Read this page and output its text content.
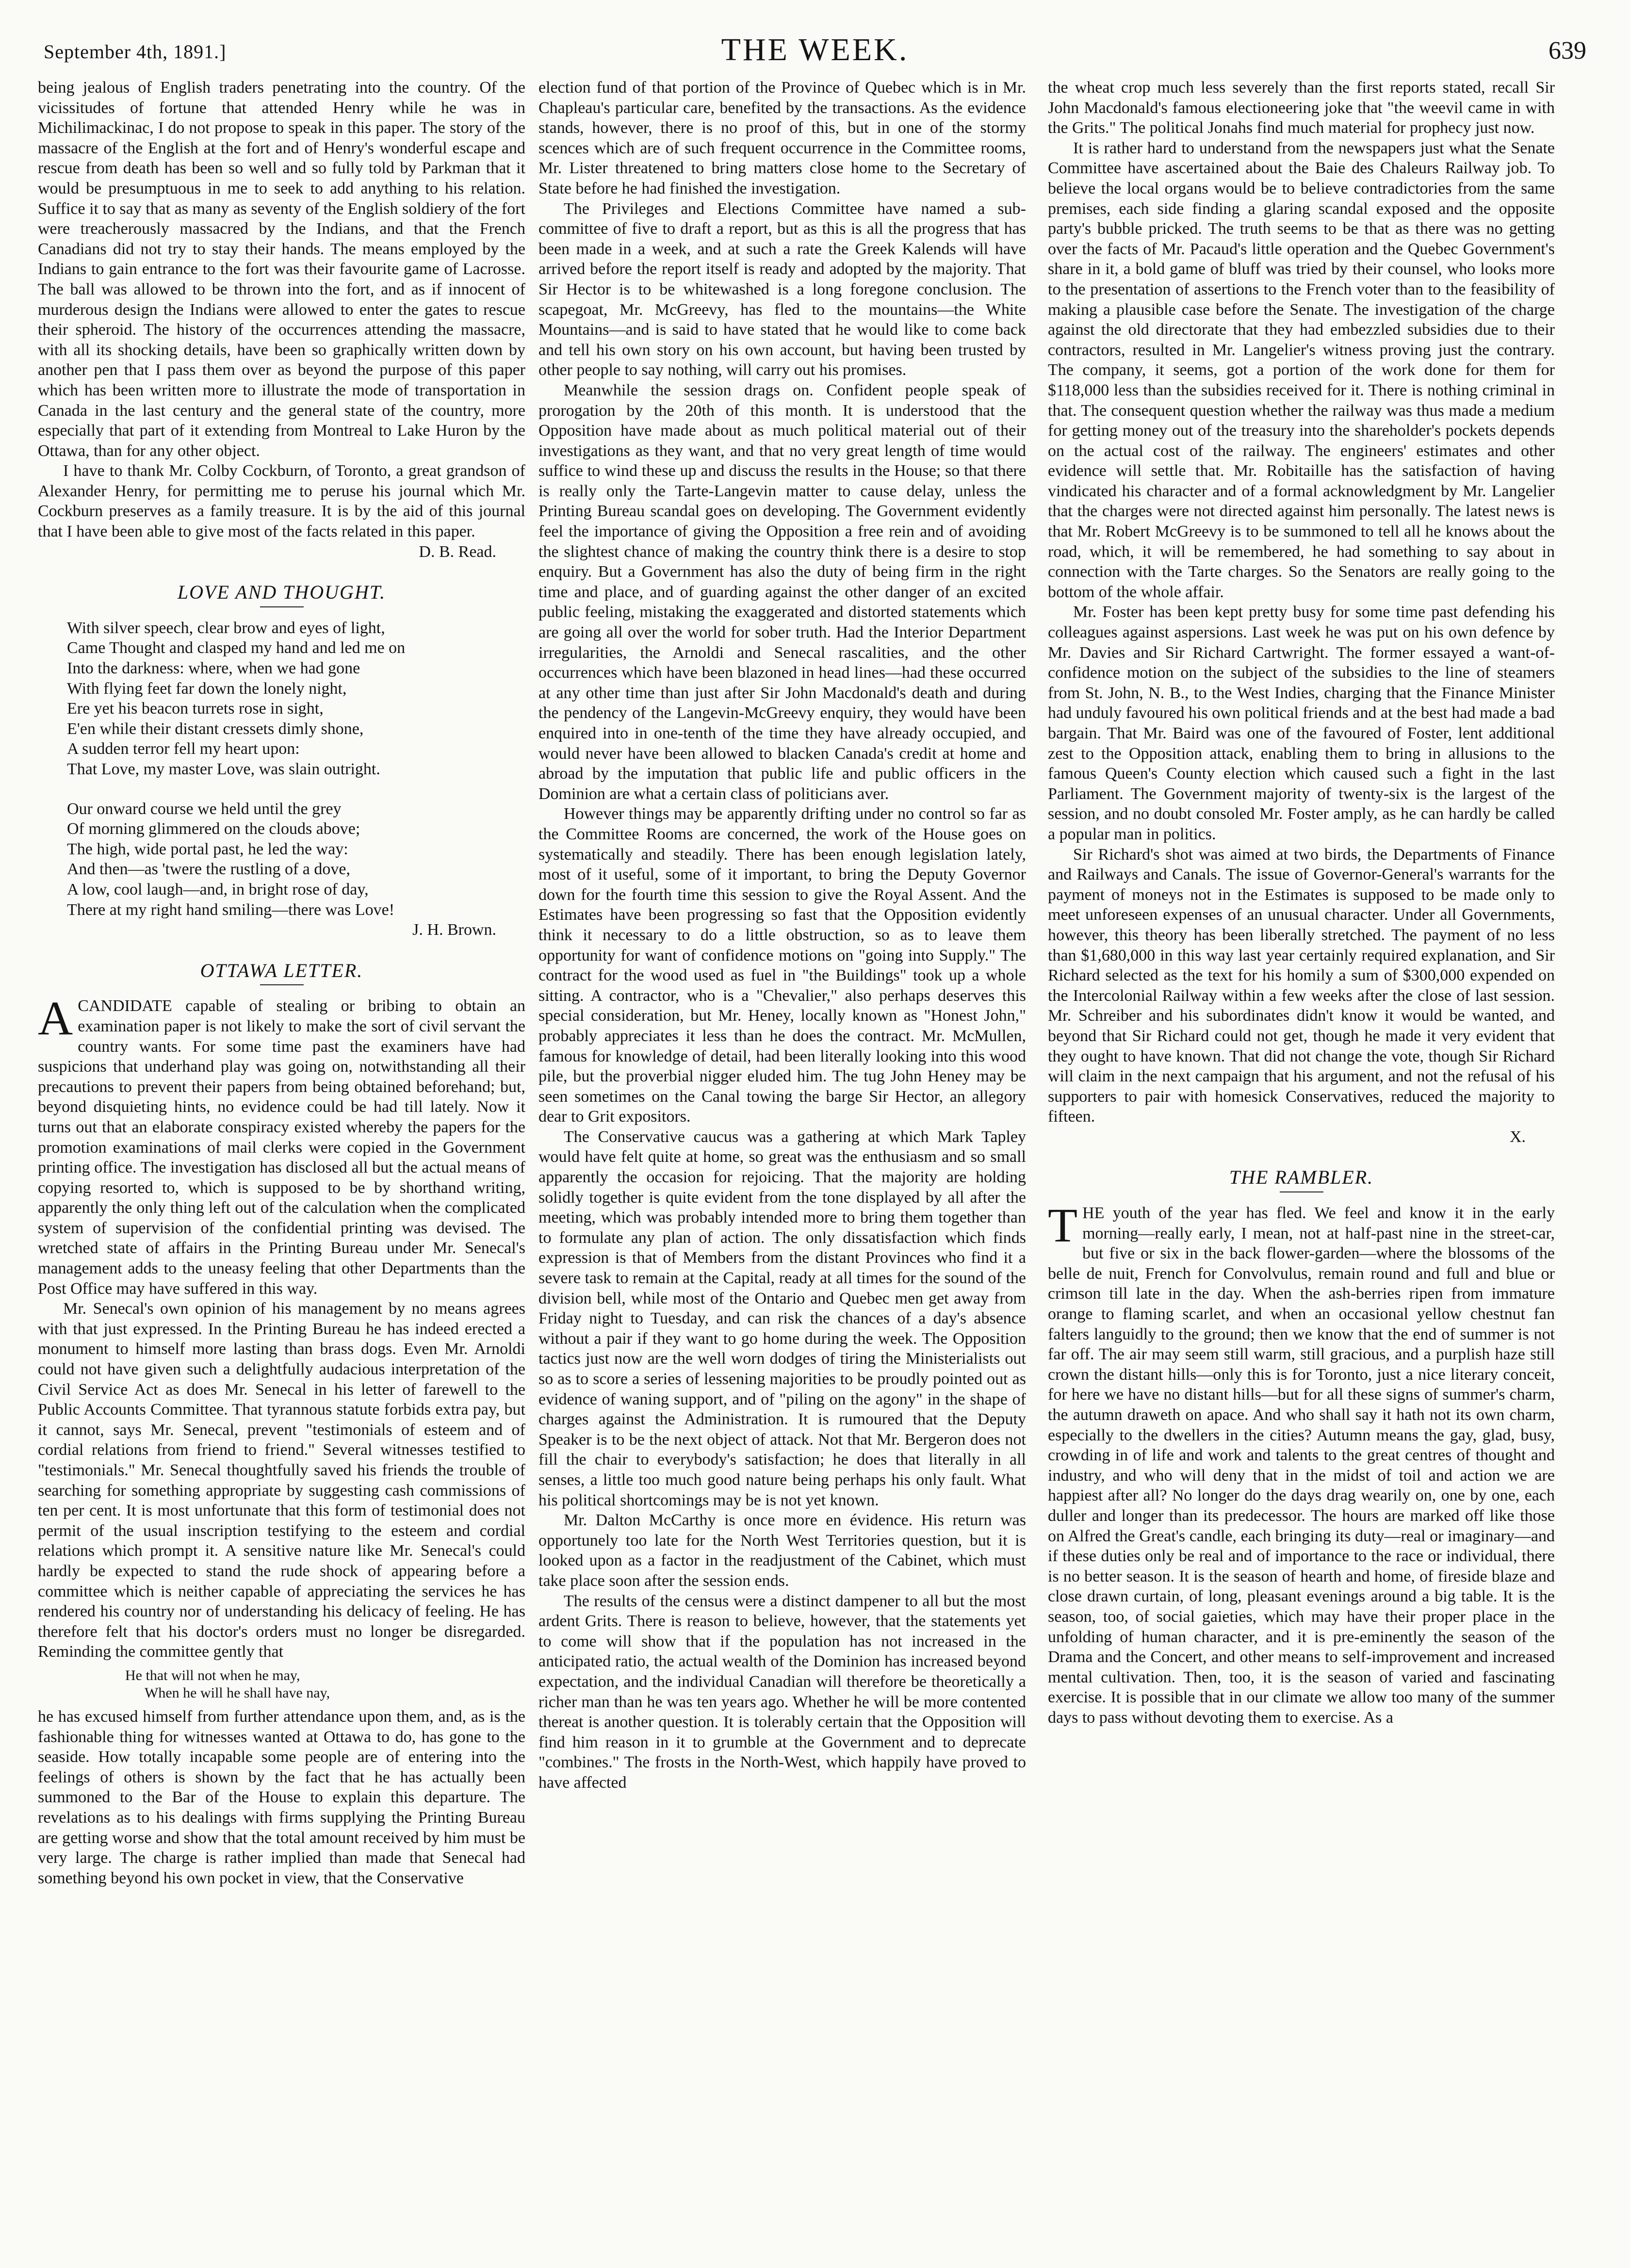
September 4th, 1891.]	THE WEEK.	639

being jealous of English traders penetrating into the country. Of the vicissitudes of fortune that attended Henry while he was in Michilimackinac, I do not propose to speak in this paper. The story of the massacre of the English at the fort and of Henry's wonderful escape and rescue from death has been so well and so fully told by Parkman that it would be presumptuous in me to seek to add anything to his relation. Suffice it to say that as many as seventy of the English soldiery of the fort were treacherously massacred by the Indians, and that the French Canadians did not try to stay their hands. The means employed by the Indians to gain entrance to the fort was their favourite game of Lacrosse. The ball was allowed to be thrown into the fort, and as if innocent of murderous design the Indians were allowed to enter the gates to rescue their spheroid. The history of the occurrences attending the massacre, with all its shocking details, have been so graphically written down by another pen that I pass them over as beyond the purpose of this paper which has been written more to illustrate the mode of transportation in Canada in the last century and the general state of the country, more especially that part of it extending from Montreal to Lake Huron by the Ottawa, than for any other object.

I have to thank Mr. Colby Cockburn, of Toronto, a great grandson of Alexander Henry, for permitting me to peruse his journal which Mr. Cockburn preserves as a family treasure. It is by the aid of this journal that I have been able to give most of the facts related in this paper.

D. B. Read.

LOVE AND THOUGHT.
With silver speech, clear brow and eyes of light,
Came Thought and clasped my hand and led me on
Into the darkness: where, when we had gone
With flying feet far down the lonely night,
Ere yet his beacon turrets rose in sight,
E'en while their distant cressets dimly shone,
A sudden terror fell my heart upon:
That Love, my master Love, was slain outright.
Our onward course we held until the grey
Of morning glimmered on the clouds above;
The high, wide portal past, he led the way:
And then—as 'twere the rustling of a dove,
A low, cool laugh—and, in bright rose of day,
There at my right hand smiling—there was Love!

J. H. Brown.

OTTAWA LETTER.

ACANDIDATE capable of stealing or bribing to obtain an examination paper is not likely to make the sort of civil servant the country wants. For some time past the examiners have had suspicions that underhand play was going on, notwithstanding all their precautions to prevent their papers from being obtained beforehand; but, beyond disquieting hints, no evidence could be had till lately. Now it turns out that an elaborate conspiracy existed whereby the papers for the promotion examinations of mail clerks were copied in the Government printing office. The investigation has disclosed all but the actual means of copying resorted to, which is supposed to be by shorthand writing, apparently the only thing left out of the calculation when the complicated system of supervision of the confidential printing was devised. The wretched state of affairs in the Printing Bureau under Mr. Senecal's management adds to the uneasy feeling that other Departments than the Post Office may have suffered in this way.

Mr. Senecal's own opinion of his management by no means agrees with that just expressed. In the Printing Bureau he has indeed erected a monument to himself more lasting than brass dogs. Even Mr. Arnoldi could not have given such a delightfully audacious interpretation of the Civil Service Act as does Mr. Senecal in his letter of farewell to the Public Accounts Committee. That tyrannous statute forbids extra pay, but it cannot, says Mr. Senecal, prevent "testimonials of esteem and of cordial relations from friend to friend." Several witnesses testified to "testimonials." Mr. Senecal thoughtfully saved his friends the trouble of searching for something appropriate by suggesting cash commissions of ten per cent. It is most unfortunate that this form of testimonial does not permit of the usual inscription testifying to the esteem and cordial relations which prompt it. A sensitive nature like Mr. Senecal's could hardly be expected to stand the rude shock of appearing before a committee which is neither capable of appreciating the services he has rendered his country nor of understanding his delicacy of feeling. He has therefore felt that his doctor's orders must no longer be disregarded. Reminding the committee gently that

He that will not when he may,
When he will he shall have nay,

he has excused himself from further attendance upon them, and, as is the fashionable thing for witnesses wanted at Ottawa to do, has gone to the seaside. How totally incapable some people are of entering into the feelings of others is shown by the fact that he has actually been summoned to the Bar of the House to explain this departure. The revelations as to his dealings with firms supplying the Printing Bureau are getting worse and show that the total amount received by him must be very large. The charge is rather implied than made that Senecal had something beyond his own pocket in view, that the Conservative

election fund of that portion of the Province of Quebec which is in Mr. Chapleau's particular care, benefited by the transactions. As the evidence stands, however, there is no proof of this, but in one of the stormy scences which are of such frequent occurrence in the Committee rooms, Mr. Lister threatened to bring matters close home to the Secretary of State before he had finished the investigation.

The Privileges and Elections Committee have named a sub-committee of five to draft a report, but as this is all the progress that has been made in a week, and at such a rate the Greek Kalends will have arrived before the report itself is ready and adopted by the majority. That Sir Hector is to be whitewashed is a long foregone conclusion. The scapegoat, Mr. McGreevy, has fled to the mountains—the White Mountains—and is said to have stated that he would like to come back and tell his own story on his own account, but having been trusted by other people to say nothing, will carry out his promises.

Meanwhile the session drags on. Confident people speak of prorogation by the 20th of this month. It is understood that the Opposition have made about as much political material out of their investigations as they want, and that no very great length of time would suffice to wind these up and discuss the results in the House; so that there is really only the Tarte-Langevin matter to cause delay, unless the Printing Bureau scandal goes on developing. The Government evidently feel the importance of giving the Opposition a free rein and of avoiding the slightest chance of making the country think there is a desire to stop enquiry. But a Government has also the duty of being firm in the right time and place, and of guarding against the other danger of an excited public feeling, mistaking the exaggerated and distorted statements which are going all over the world for sober truth. Had the Interior Department irregularities, the Arnoldi and Senecal rascalities, and the other occurrences which have been blazoned in head lines—had these occurred at any other time than just after Sir John Macdonald's death and during the pendency of the Langevin-McGreevy enquiry, they would have been enquired into in one-tenth of the time they have already occupied, and would never have been allowed to blacken Canada's credit at home and abroad by the imputation that public life and public officers in the Dominion are what a certain class of politicians aver.

However things may be apparently drifting under no control so far as the Committee Rooms are concerned, the work of the House goes on systematically and steadily. There has been enough legislation lately, most of it useful, some of it important, to bring the Deputy Governor down for the fourth time this session to give the Royal Assent. And the Estimates have been progressing so fast that the Opposition evidently think it necessary to do a little obstruction, so as to leave them opportunity for want of confidence motions on "going into Supply." The contract for the wood used as fuel in "the Buildings" took up a whole sitting. A contractor, who is a "Chevalier," also perhaps deserves this special consideration, but Mr. Heney, locally known as "Honest John," probably appreciates it less than he does the contract. Mr. McMullen, famous for knowledge of detail, had been literally looking into this wood pile, but the proverbial nigger eluded him. The tug John Heney may be seen sometimes on the Canal towing the barge Sir Hector, an allegory dear to Grit expositors.

The Conservative caucus was a gathering at which Mark Tapley would have felt quite at home, so great was the enthusiasm and so small apparently the occasion for rejoicing. That the majority are holding solidly together is quite evident from the tone displayed by all after the meeting, which was probably intended more to bring them together than to formulate any plan of action. The only dissatisfaction which finds expression is that of Members from the distant Provinces who find it a severe task to remain at the Capital, ready at all times for the sound of the division bell, while most of the Ontario and Quebec men get away from Friday night to Tuesday, and can risk the chances of a day's absence without a pair if they want to go home during the week. The Opposition tactics just now are the well worn dodges of tiring the Ministerialists out so as to score a series of lessening majorities to be proudly pointed out as evidence of waning support, and of "piling on the agony" in the shape of charges against the Administration. It is rumoured that the Deputy Speaker is to be the next object of attack. Not that Mr. Bergeron does not fill the chair to everybody's satisfaction; he does that literally in all senses, a little too much good nature being perhaps his only fault. What his political shortcomings may be is not yet known.

Mr. Dalton McCarthy is once more en évidence. His return was opportunely too late for the North West Territories question, but it is looked upon as a factor in the readjustment of the Cabinet, which must take place soon after the session ends.

The results of the census were a distinct dampener to all but the most ardent Grits. There is reason to believe, however, that the statements yet to come will show that if the population has not increased in the anticipated ratio, the actual wealth of the Dominion has increased beyond expectation, and the individual Canadian will therefore be theoretically a richer man than he was ten years ago. Whether he will be more contented thereat is another question. It is tolerably certain that the Opposition will find him reason in it to grumble at the Government and to deprecate "combines." The frosts in the North-West, which happily have proved to have affected

the wheat crop much less severely than the first reports stated, recall Sir John Macdonald's famous electioneering joke that "the weevil came in with the Grits." The political Jonahs find much material for prophecy just now.

It is rather hard to understand from the newspapers just what the Senate Committee have ascertained about the Baie des Chaleurs Railway job. To believe the local organs would be to believe contradictories from the same premises, each side finding a glaring scandal exposed and the opposite party's bubble pricked. The truth seems to be that as there was no getting over the facts of Mr. Pacaud's little operation and the Quebec Government's share in it, a bold game of bluff was tried by their counsel, who looks more to the presentation of assertions to the French voter than to the feasibility of making a plausible case before the Senate. The investigation of the charge against the old directorate that they had embezzled subsidies due to their contractors, resulted in Mr. Langelier's witness proving just the contrary. The company, it seems, got a portion of the work done for them for $118,000 less than the subsidies received for it. There is nothing criminal in that. The consequent question whether the railway was thus made a medium for getting money out of the treasury into the shareholder's pockets depends on the actual cost of the railway. The engineers' estimates and other evidence will settle that. Mr. Robitaille has the satisfaction of having vindicated his character and of a formal acknowledgment by Mr. Langelier that the charges were not directed against him personally. The latest news is that Mr. Robert McGreevy is to be summoned to tell all he knows about the road, which, it will be remembered, he had something to say about in connection with the Tarte charges. So the Senators are really going to the bottom of the whole affair.

Mr. Foster has been kept pretty busy for some time past defending his colleagues against aspersions. Last week he was put on his own defence by Mr. Davies and Sir Richard Cartwright. The former essayed a want-of-confidence motion on the subject of the subsidies to the line of steamers from St. John, N. B., to the West Indies, charging that the Finance Minister had unduly favoured his own political friends and at the best had made a bad bargain. That Mr. Baird was one of the favoured of Foster, lent additional zest to the Opposition attack, enabling them to bring in allusions to the famous Queen's County election which caused such a fight in the last Parliament. The Government majority of twenty-six is the largest of the session, and no doubt consoled Mr. Foster amply, as he can hardly be called a popular man in politics.

Sir Richard's shot was aimed at two birds, the Departments of Finance and Railways and Canals. The issue of Governor-General's warrants for the payment of moneys not in the Estimates is supposed to be made only to meet unforeseen expenses of an unusual character. Under all Governments, however, this theory has been liberally stretched. The payment of no less than $1,680,000 in this way last year certainly required explanation, and Sir Richard selected as the text for his homily a sum of $300,000 expended on the Intercolonial Railway within a few weeks after the close of last session. Mr. Schreiber and his subordinates didn't know it would be wanted, and beyond that Sir Richard could not get, though he made it very evident that they ought to have known. That did not change the vote, though Sir Richard will claim in the next campaign that his argument, and not the refusal of his supporters to pair with homesick Conservatives, reduced the majority to fifteen.

X.

THE RAMBLER.

THE youth of the year has fled. We feel and know it in the early morning—really early, I mean, not at half-past nine in the street-car, but five or six in the back flower-garden—where the blossoms of the belle de nuit, French for Convolvulus, remain round and full and blue or crimson till late in the day. When the ash-berries ripen from immature orange to flaming scarlet, and when an occasional yellow chestnut fan falters languidly to the ground; then we know that the end of summer is not far off. The air may seem still warm, still gracious, and a purplish haze still crown the distant hills—only this is for Toronto, just a nice literary conceit, for here we have no distant hills—but for all these signs of summer's charm, the autumn draweth on apace. And who shall say it hath not its own charm, especially to the dwellers in the cities? Autumn means the gay, glad, busy, crowding in of life and work and talents to the great centres of thought and industry, and who will deny that in the midst of toil and action we are happiest after all? No longer do the days drag wearily on, one by one, each duller and longer than its predecessor. The hours are marked off like those on Alfred the Great's candle, each bringing its duty—real or imaginary—and if these duties only be real and of importance to the race or individual, there is no better season. It is the season of hearth and home, of fireside blaze and close drawn curtain, of long, pleasant evenings around a big table. It is the season, too, of social gaieties, which may have their proper place in the unfolding of human character, and it is pre-eminently the season of the Drama and the Concert, and other means to self-improvement and increased mental cultivation. Then, too, it is the season of varied and fascinating exercise. It is possible that in our climate we allow too many of the summer days to pass without devoting them to exercise. As a
